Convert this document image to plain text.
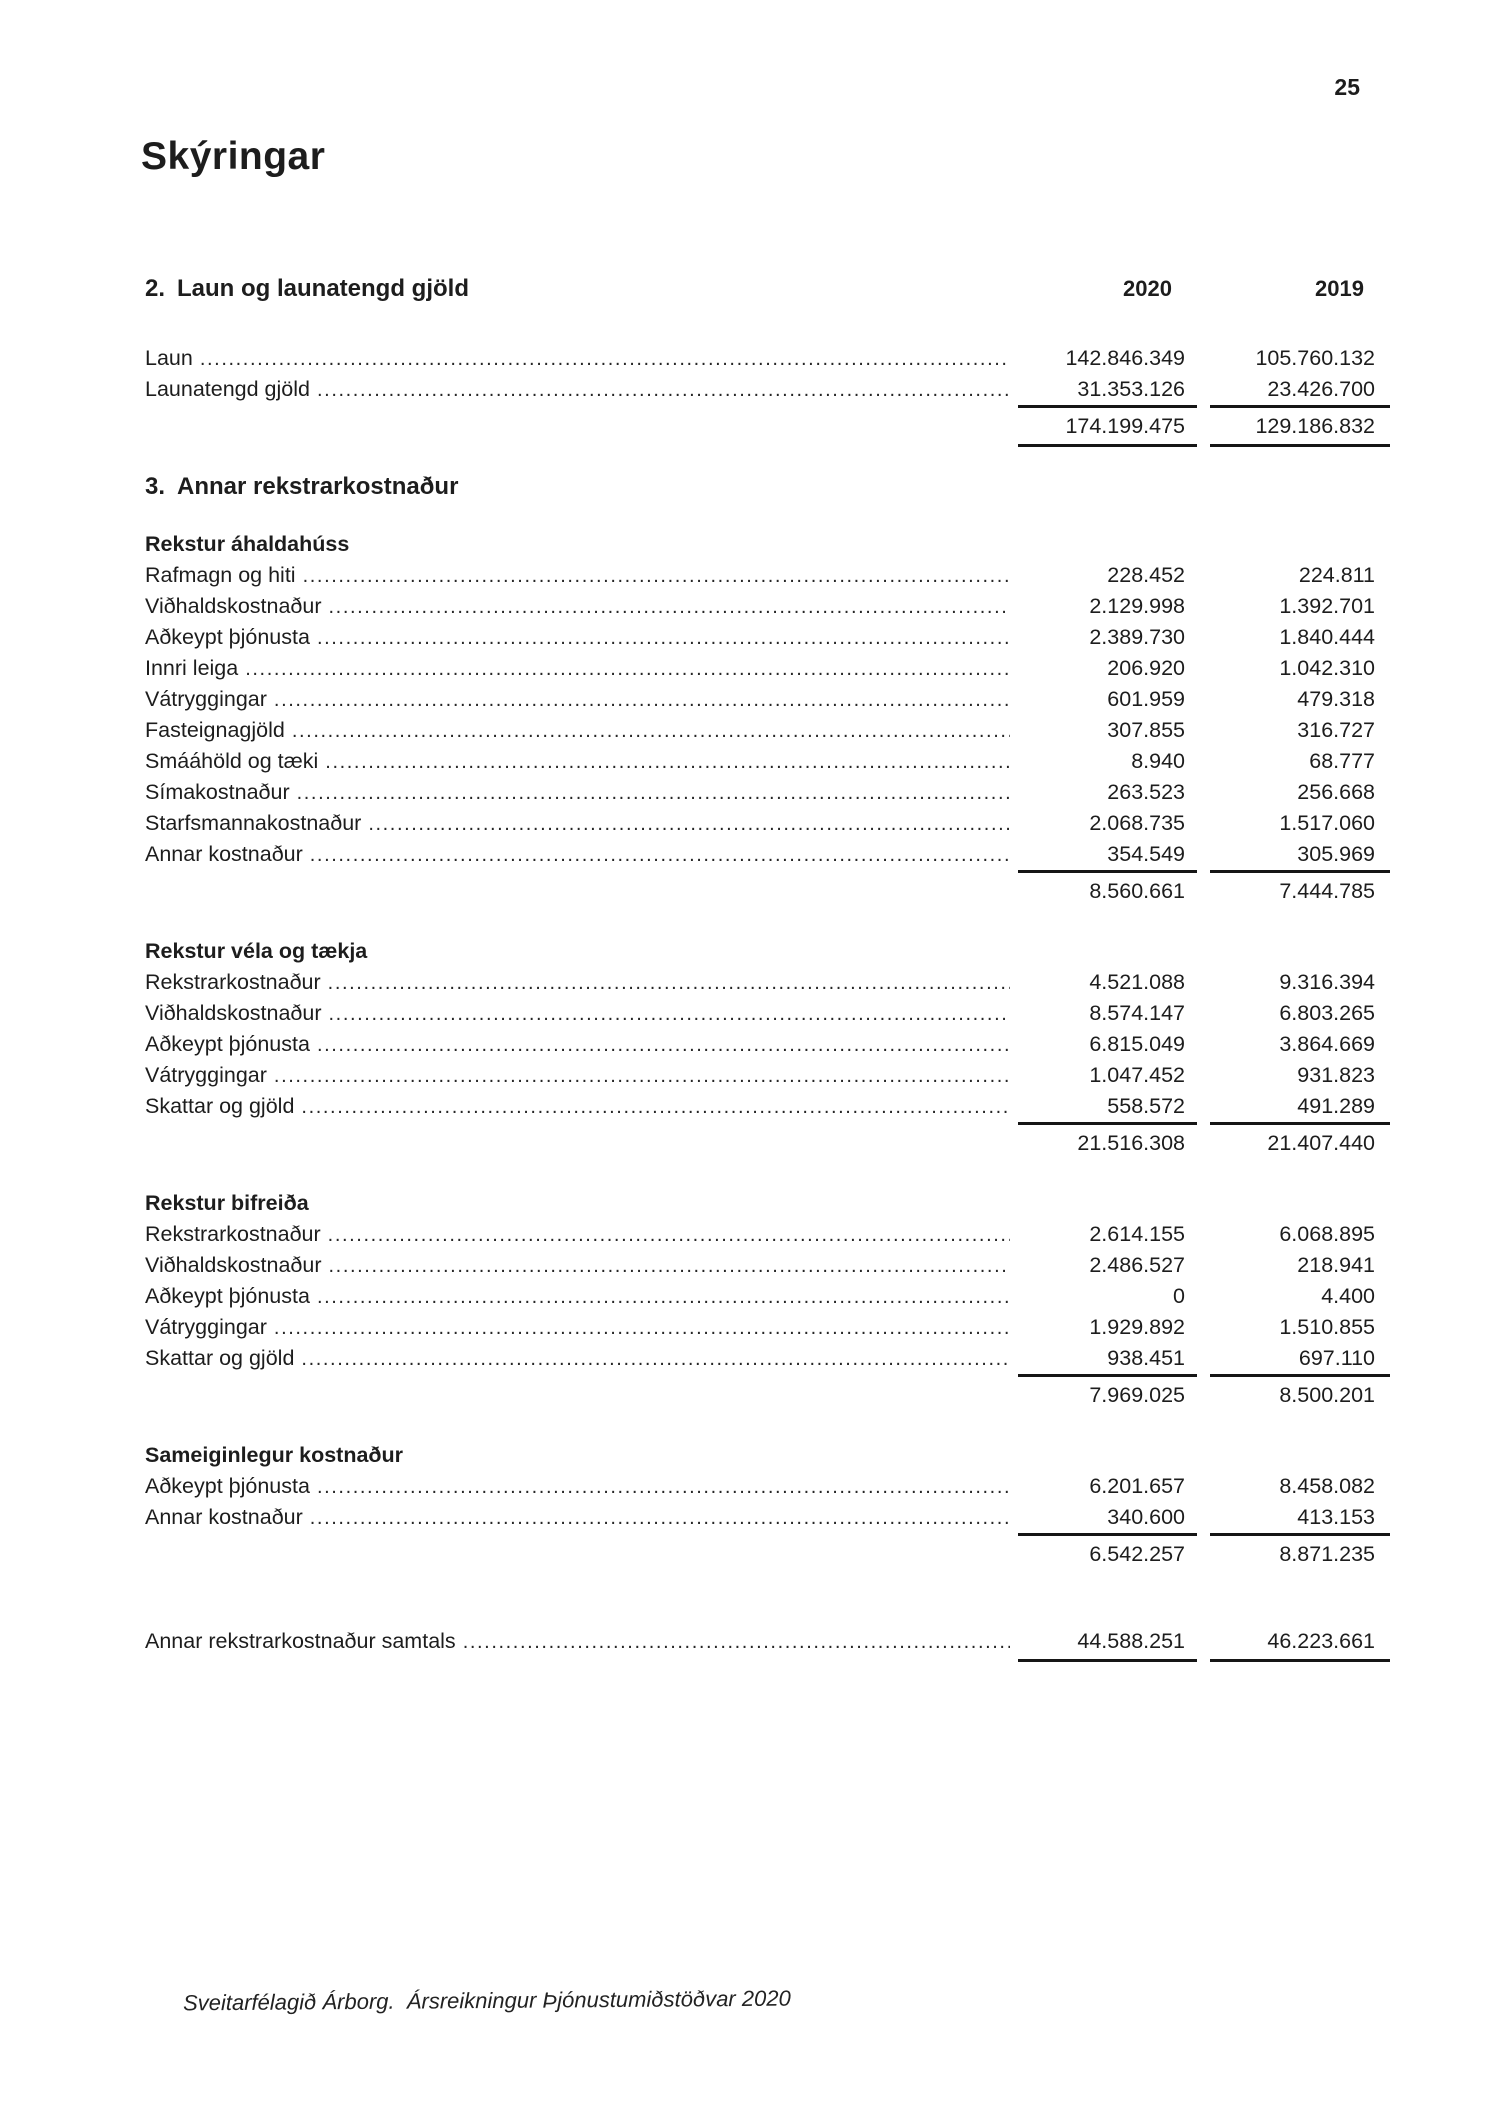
25
Skýringar
2. Laun og launatengd gjöld	2020	2019
Laun .....	142.846.349	105.760.132
Launatengd gjöld .....	31.353.126	23.426.700
174.199.475	129.186.832
3. Annar rekstrarkostnaður
Rekstur áhaldahúss
Rafmagn og hiti .....	228.452	224.811
Viðhaldskostnaður .....	2.129.998	1.392.701
Aðkeypt þjónusta .....	2.389.730	1.840.444
Innri leiga .....	206.920	1.042.310
Vátryggingar .....	601.959	479.318
Fasteignagjöld .....	307.855	316.727
Smááhöld og tæki .....	8.940	68.777
Símakostnaður .....	263.523	256.668
Starfsmannakostnaður .....	2.068.735	1.517.060
Annar kostnaður .....	354.549	305.969
8.560.661	7.444.785
Rekstur véla og tækja
Rekstrarkostnaður .....	4.521.088	9.316.394
Viðhaldskostnaður .....	8.574.147	6.803.265
Aðkeypt þjónusta .....	6.815.049	3.864.669
Vátryggingar .....	1.047.452	931.823
Skattar og gjöld .....	558.572	491.289
21.516.308	21.407.440
Rekstur bifreiða
Rekstrarkostnaður .....	2.614.155	6.068.895
Viðhaldskostnaður .....	2.486.527	218.941
Aðkeypt þjónusta .....	0	4.400
Vátryggingar .....	1.929.892	1.510.855
Skattar og gjöld .....	938.451	697.110
7.969.025	8.500.201
Sameiginlegur kostnaður
Aðkeypt þjónusta .....	6.201.657	8.458.082
Annar kostnaður .....	340.600	413.153
6.542.257	8.871.235
Annar rekstrarkostnaður samtals .....	44.588.251	46.223.661
Sveitarfélagið Árborg.  Ársreikningur Þjónustumiðstöðvar 2020
